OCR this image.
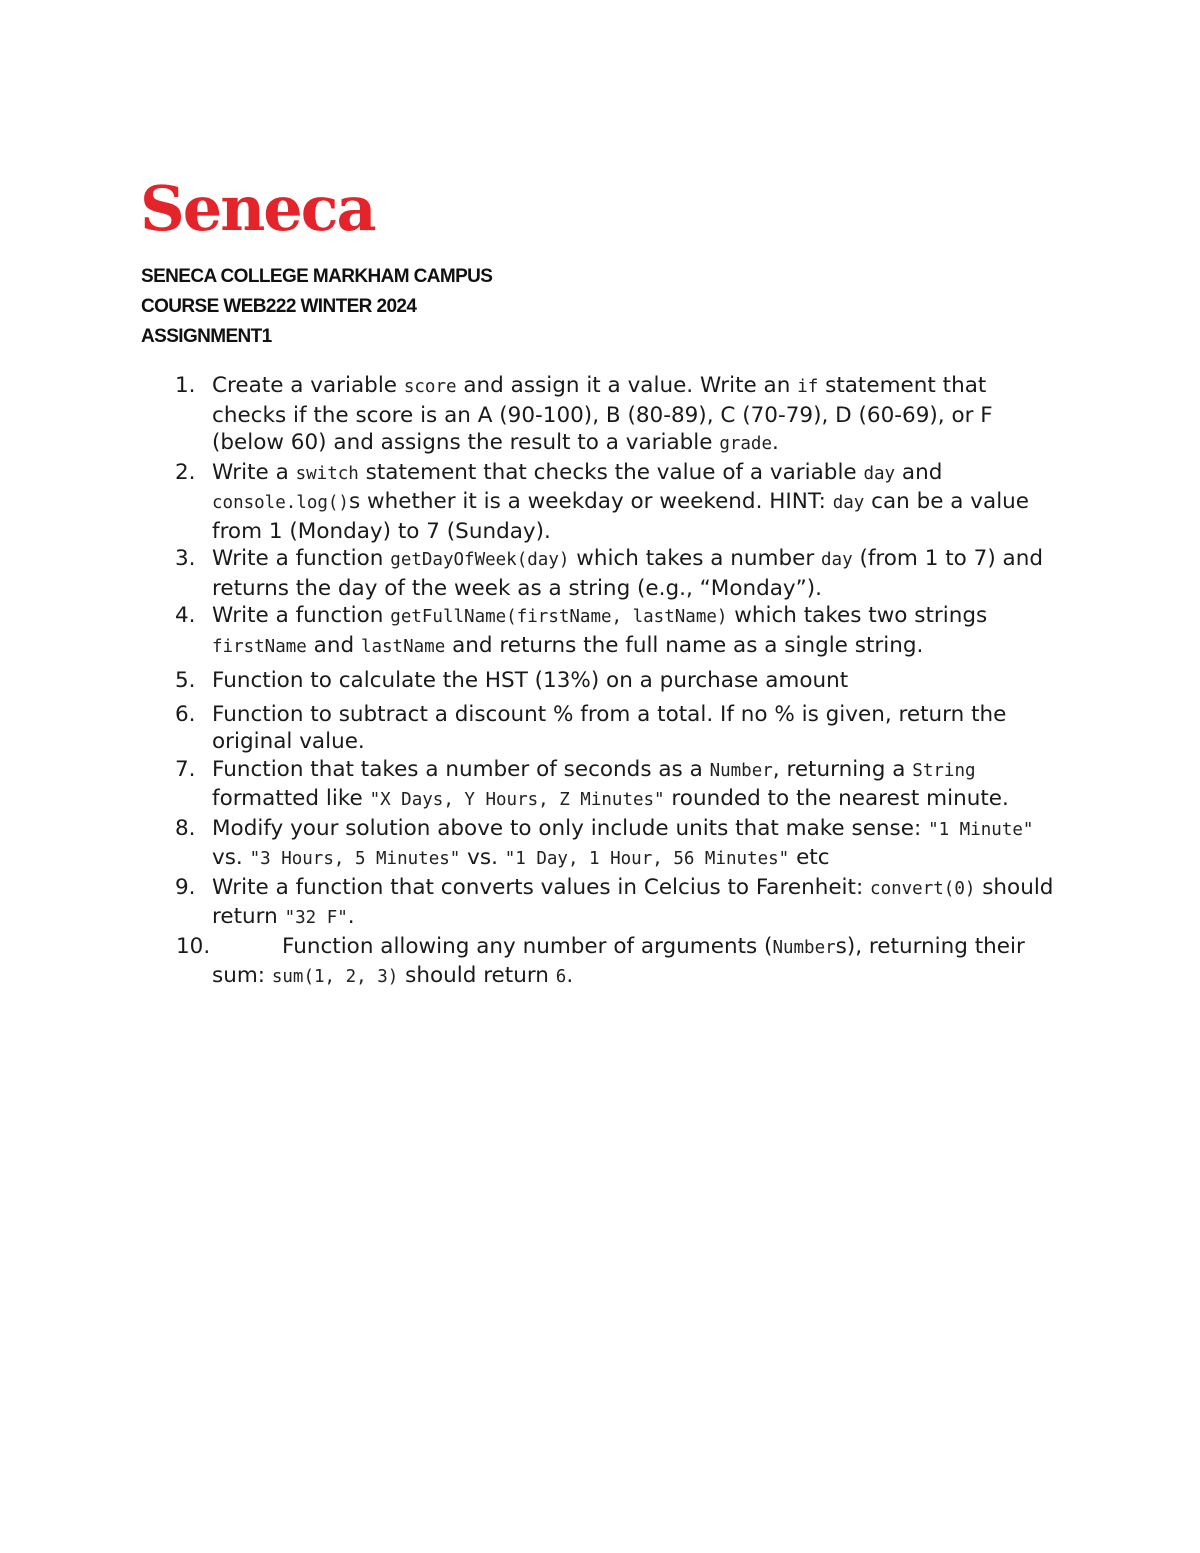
Seneca
SENECA COLLEGE MARKHAM CAMPUS
COURSE WEB222 WINTER 2024
ASSIGNMENT1
1. Create a variable score and assign it a value. Write an if statement that checks if the score is an A (90-100), B (80-89), C (70-79), D (60-69), or F (below 60) and assigns the result to a variable grade.
2. Write a switch statement that checks the value of a variable day and console.log()s whether it is a weekday or weekend. HINT: day can be a value from 1 (Monday) to 7 (Sunday).
3. Write a function getDayOfWeek(day) which takes a number day (from 1 to 7) and returns the day of the week as a string (e.g., “Monday”).
4. Write a function getFullName(firstName, lastName) which takes two strings firstName and lastName and returns the full name as a single string.
5. Function to calculate the HST (13%) on a purchase amount
6. Function to subtract a discount % from a total. If no % is given, return the original value.
7. Function that takes a number of seconds as a Number, returning a String formatted like "X Days, Y Hours, Z Minutes" rounded to the nearest minute.
8. Modify your solution above to only include units that make sense: "1 Minute" vs. "3 Hours, 5 Minutes" vs. "1 Day, 1 Hour, 56 Minutes" etc
9. Write a function that converts values in Celcius to Farenheit: convert(0) should return "32 F".
10.	Function allowing any number of arguments (Numbers), returning their sum: sum(1, 2, 3) should return 6.
